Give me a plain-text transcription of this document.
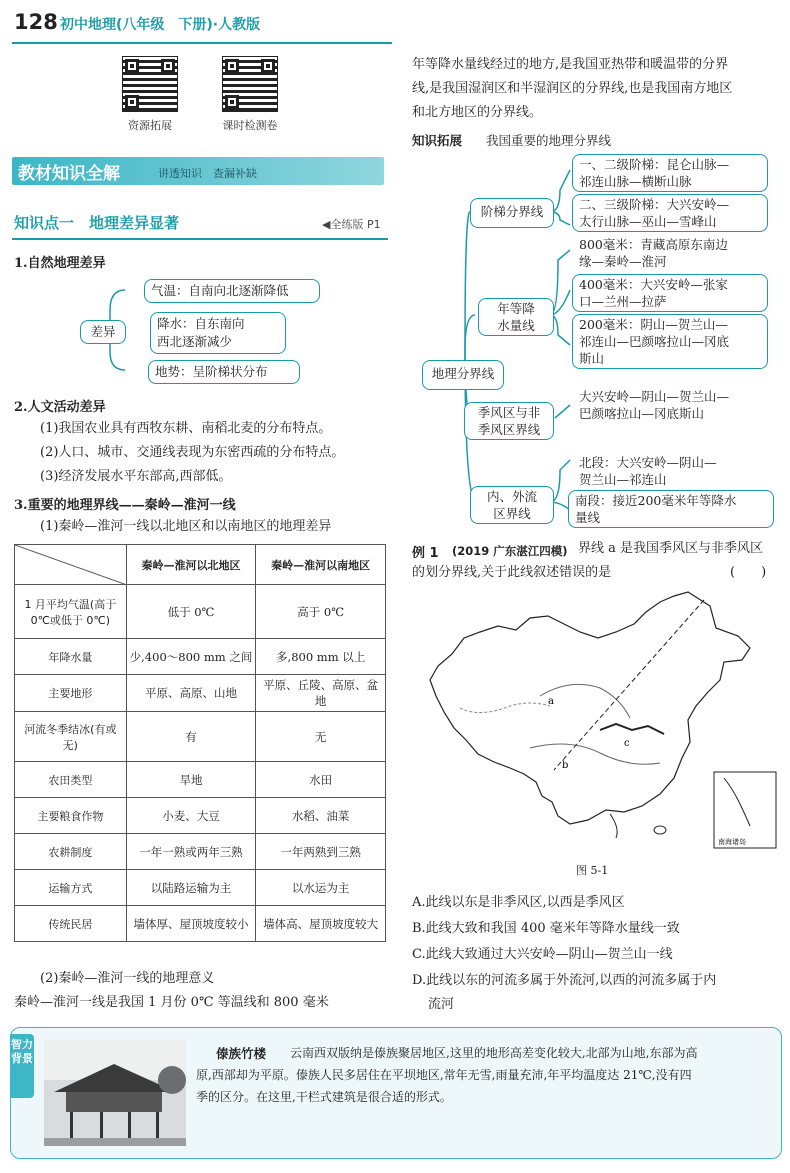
128 初中地理(八年级　下册)·人教版
资源拓展	课时检测卷
教材知识全解	讲透知识　查漏补缺
知识点一　地理差异显著	◀全练版 P1
1.自然地理差异
差异
气温：自南向北逐渐降低
降水：自东南向
西北逐渐减少
地势：呈阶梯状分布
2.人文活动差异
(1)我国农业具有西牧东耕、南稻北麦的分布特点。
(2)人口、城市、交通线表现为东密西疏的分布特点。
(3)经济发展水平东部高,西部低。
3.重要的地理界线——秦岭—淮河一线
(1)秦岭—淮河一线以北地区和以南地区的地理差异
	秦岭—淮河以北地区	秦岭—淮河以南地区
1 月平均气温(高于0℃或低于 0℃)	低于 0℃	高于 0℃
年降水量	少,400～800 mm 之间	多,800 mm 以上
主要地形	平原、高原、山地	平原、丘陵、高原、盆地
河流冬季结冰(有或无)	有	无
农田类型	旱地	水田
主要粮食作物	小麦、大豆	水稻、油菜
农耕制度	一年一熟或两年三熟	一年两熟到三熟
运输方式	以陆路运输为主	以水运为主
传统民居	墙体厚、屋顶坡度较小	墙体高、屋顶坡度较大
(2)秦岭—淮河一线的地理意义
秦岭—淮河一线是我国 1 月份 0℃ 等温线和 800 毫米
年等降水量线经过的地方,是我国亚热带和暖温带的分界
线,是我国湿润区和半湿润区的分界线,也是我国南方地区
和北方地区的分界线。
知识拓展 我国重要的地理分界线
地理分界线
阶梯分界线
一、二级阶梯：昆仑山脉—
祁连山脉—横断山脉
二、三级阶梯：大兴安岭—
太行山脉—巫山—雪峰山
年等降
水量线
800毫米：青藏高原东南边
缘—秦岭—淮河
400毫米：大兴安岭—张家
口—兰州—拉萨
200毫米：阴山—贺兰山—
祁连山—巴颜喀拉山—冈底
斯山
季风区与非
季风区界线
大兴安岭—阴山—贺兰山—
巴颜喀拉山—冈底斯山
内、外流
区界线
北段：大兴安岭—阴山—
贺兰山—祁连山
南段：接近200毫米年等降水
量线
例 1 (2019 广东湛江四模) 界线 a 是我国季风区与非季风区
的划分界线,关于此线叙述错误的是	(　　)
a
b
c
南海诸岛
图 5-1
A.此线以东是非季风区,以西是季风区
B.此线大致和我国 400 毫米年等降水量线一致
C.此线大致通过大兴安岭—阴山—贺兰山一线
D.此线以东的河流多属于外流河,以西的河流多属于内
流河
智力
背景	傣族竹楼 云南西双版纳是傣族聚居地区,这里的地形高差变化较大,北部为山地,东部为高
原,西部却为平原。傣族人民多居住在平坝地区,常年无雪,雨量充沛,年平均温度达 21℃,没有四
季的区分。在这里,干栏式建筑是很合适的形式。
